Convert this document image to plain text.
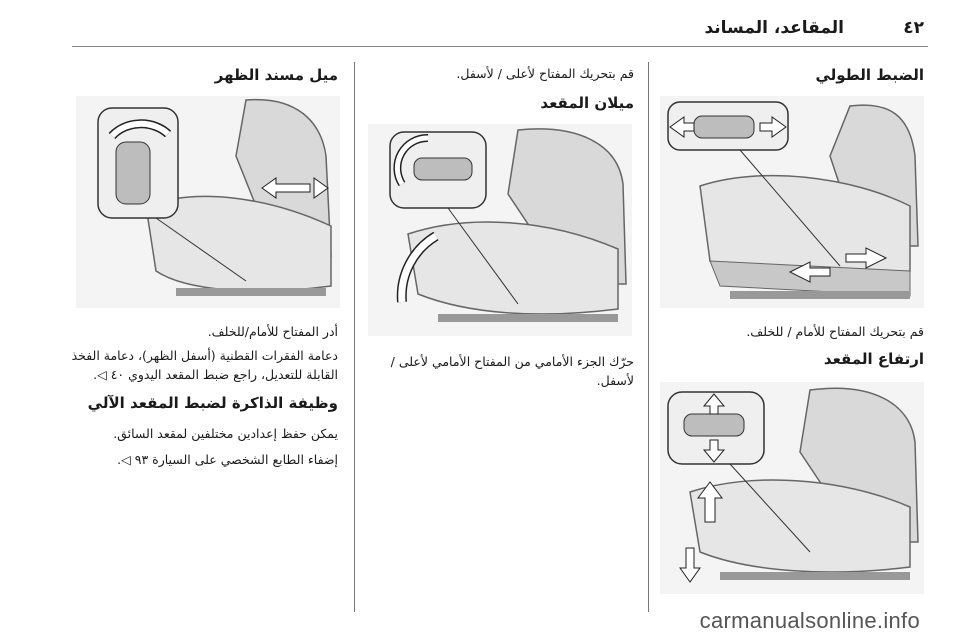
٤٢
المقاعد، المساند
الضبط الطولي
قم بتحريك المفتاح للأمام / للخلف.
ارتفاع المقعد
قم بتحريك المفتاح لأعلى / لأسفل.
ميلان المقعد
حرّك الجزء الأمامي من المفتاح الأمامي لأعلى / لأسفل.
ميل مسند الظهر
أدر المفتاح للأمام/للخلف.
دعامة الفقرات القطنية (أسفل الظهر)، دعامة الفخذ القابلة للتعديل، راجع ضبط المقعد اليدوي ٤٠ ◁.
وظيفة الذاكرة لضبط المقعد الآلي
يمكن حفظ إعدادين مختلفين لمقعد السائق.
إضفاء الطابع الشخصي على السيارة ٩٣ ◁.
carmanualsonline.info
